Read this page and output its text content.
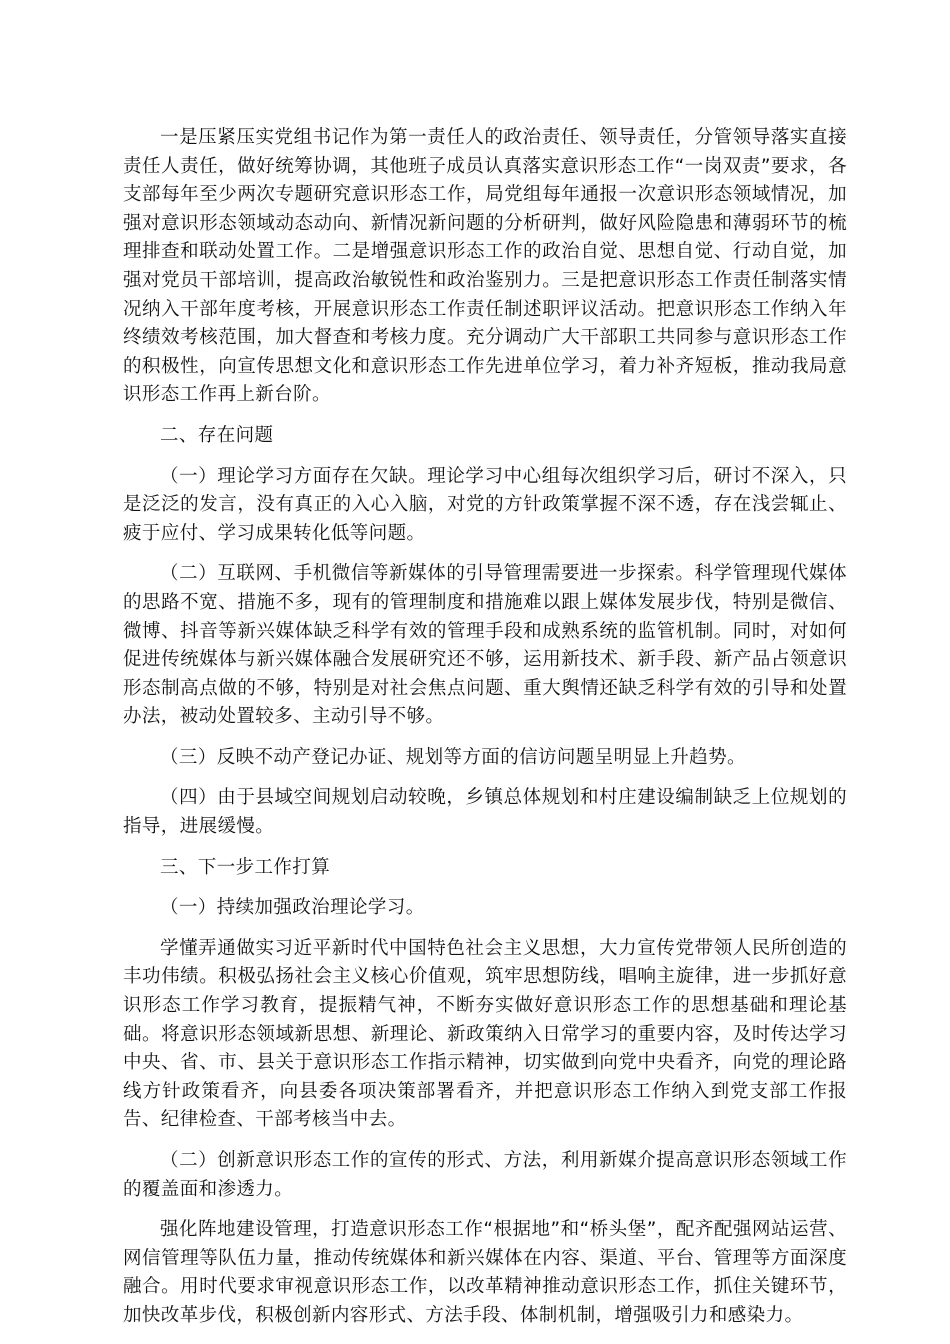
一是压紧压实党组书记作为第一责任人的政治责任、领导责任，分管领导落实直接责任人责任，做好统筹协调，其他班子成员认真落实意识形态工作“一岗双责”要求，各支部每年至少两次专题研究意识形态工作，局党组每年通报一次意识形态领域情况，加强对意识形态领域动态动向、新情况新问题的分析研判，做好风险隐患和薄弱环节的梳理排查和联动处置工作。二是增强意识形态工作的政治自觉、思想自觉、行动自觉，加强对党员干部培训，提高政治敏锐性和政治鉴别力。三是把意识形态工作责任制落实情况纳入干部年度考核，开展意识形态工作责任制述职评议活动。把意识形态工作纳入年终绩效考核范围，加大督查和考核力度。充分调动广大干部职工共同参与意识形态工作的积极性，向宣传思想文化和意识形态工作先进单位学习，着力补齐短板，推动我局意识形态工作再上新台阶。

二、存在问题

（一）理论学习方面存在欠缺。理论学习中心组每次组织学习后，研讨不深入，只是泛泛的发言，没有真正的入心入脑，对党的方针政策掌握不深不透，存在浅尝辄止、疲于应付、学习成果转化低等问题。

（二）互联网、手机微信等新媒体的引导管理需要进一步探索。科学管理现代媒体的思路不宽、措施不多，现有的管理制度和措施难以跟上媒体发展步伐，特别是微信、微博、抖音等新兴媒体缺乏科学有效的管理手段和成熟系统的监管机制。同时，对如何促进传统媒体与新兴媒体融合发展研究还不够，运用新技术、新手段、新产品占领意识形态制高点做的不够，特别是对社会焦点问题、重大舆情还缺乏科学有效的引导和处置办法，被动处置较多、主动引导不够。

（三）反映不动产登记办证、规划等方面的信访问题呈明显上升趋势。

（四）由于县域空间规划启动较晚，乡镇总体规划和村庄建设编制缺乏上位规划的指导，进展缓慢。

三、下一步工作打算

（一）持续加强政治理论学习。

学懂弄通做实习近平新时代中国特色社会主义思想，大力宣传党带领人民所创造的丰功伟绩。积极弘扬社会主义核心价值观，筑牢思想防线，唱响主旋律，进一步抓好意识形态工作学习教育，提振精气神，不断夯实做好意识形态工作的思想基础和理论基础。将意识形态领域新思想、新理论、新政策纳入日常学习的重要内容，及时传达学习中央、省、市、县关于意识形态工作指示精神，切实做到向党中央看齐，向党的理论路线方针政策看齐，向县委各项决策部署看齐，并把意识形态工作纳入到党支部工作报告、纪律检查、干部考核当中去。

（二）创新意识形态工作的宣传的形式、方法，利用新媒介提高意识形态领域工作的覆盖面和渗透力。

强化阵地建设管理，打造意识形态工作“根据地”和“桥头堡”，配齐配强网站运营、网信管理等队伍力量，推动传统媒体和新兴媒体在内容、渠道、平台、管理等方面深度融合。用时代要求审视意识形态工作，以改革精神推动意识形态工作，抓住关键环节，加快改革步伐，积极创新内容形式、方法手段、体制机制，增强吸引力和感染力。
